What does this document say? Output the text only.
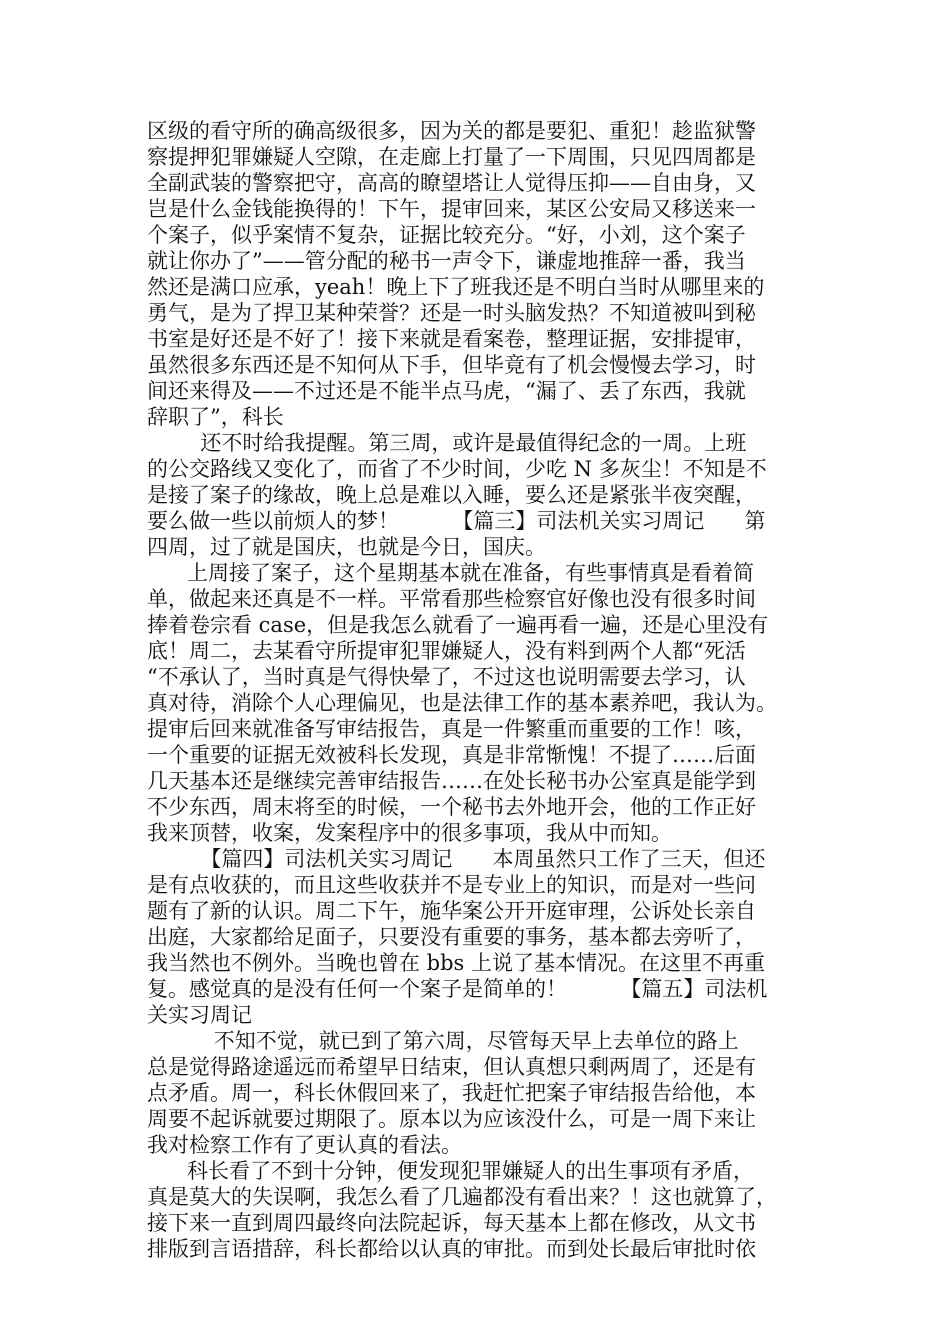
区级的看守所的确高级很多，因为关的都是要犯、重犯！趁监狱警
察提押犯罪嫌疑人空隙，在走廊上打量了一下周围，只见四周都是
全副武装的警察把守，高高的瞭望塔让人觉得压抑——自由身，又
岂是什么金钱能换得的！下午，提审回来，某区公安局又移送来一
个案子，似乎案情不复杂，证据比较充分。“好，小刘，这个案子
就让你办了”——管分配的秘书一声令下，谦虚地推辞一番，我当
然还是满口应承，yeah！晚上下了班我还是不明白当时从哪里来的
勇气，是为了捍卫某种荣誉？还是一时头脑发热？不知道被叫到秘
书室是好还是不好了！接下来就是看案卷，整理证据，安排提审，
虽然很多东西还是不知何从下手，但毕竟有了机会慢慢去学习，时
间还来得及——不过还是不能半点马虎，“漏了、丢了东西，我就
辞职了”，科长
还不时给我提醒。第三周，或许是最值得纪念的一周。上班
的公交路线又变化了，而省了不少时间，少吃 N 多灰尘！不知是不
是接了案子的缘故，晚上总是难以入睡，要么还是紧张半夜突醒，
要么做一些以前烦人的梦！        【篇三】司法机关实习周记      第
四周，过了就是国庆，也就是今日，国庆。
上周接了案子，这个星期基本就在准备，有些事情真是看着简
单，做起来还真是不一样。平常看那些检察官好像也没有很多时间
捧着卷宗看 case，但是我怎么就看了一遍再看一遍，还是心里没有
底！周二，去某看守所提审犯罪嫌疑人，没有料到两个人都“死活
“不承认了，当时真是气得快晕了，不过这也说明需要去学习，认
真对待，消除个人心理偏见，也是法律工作的基本素养吧，我认为。
提审后回来就准备写审结报告，真是一件繁重而重要的工作！咳，
一个重要的证据无效被科长发现，真是非常惭愧！不提了……后面
几天基本还是继续完善审结报告……在处长秘书办公室真是能学到
不少东西，周末将至的时候，一个秘书去外地开会，他的工作正好
我来顶替，收案，发案程序中的很多事项，我从中而知。
【篇四】司法机关实习周记      本周虽然只工作了三天，但还
是有点收获的，而且这些收获并不是专业上的知识，而是对一些问
题有了新的认识。周二下午，施华案公开开庭审理，公诉处长亲自
出庭，大家都给足面子，只要没有重要的事务，基本都去旁听了，
我当然也不例外。当晚也曾在 bbs 上说了基本情况。在这里不再重
复。感觉真的是没有任何一个案子是简单的！        【篇五】司法机
关实习周记
不知不觉，就已到了第六周，尽管每天早上去单位的路上
总是觉得路途遥远而希望早日结束，但认真想只剩两周了，还是有
点矛盾。周一，科长休假回来了，我赶忙把案子审结报告给他，本
周要不起诉就要过期限了。原本以为应该没什么，可是一周下来让
我对检察工作有了更认真的看法。
科长看了不到十分钟，便发现犯罪嫌疑人的出生事项有矛盾，
真是莫大的失误啊，我怎么看了几遍都没有看出来？！这也就算了，
接下来一直到周四最终向法院起诉，每天基本上都在修改，从文书
排版到言语措辞，科长都给以认真的审批。而到处长最后审批时依
